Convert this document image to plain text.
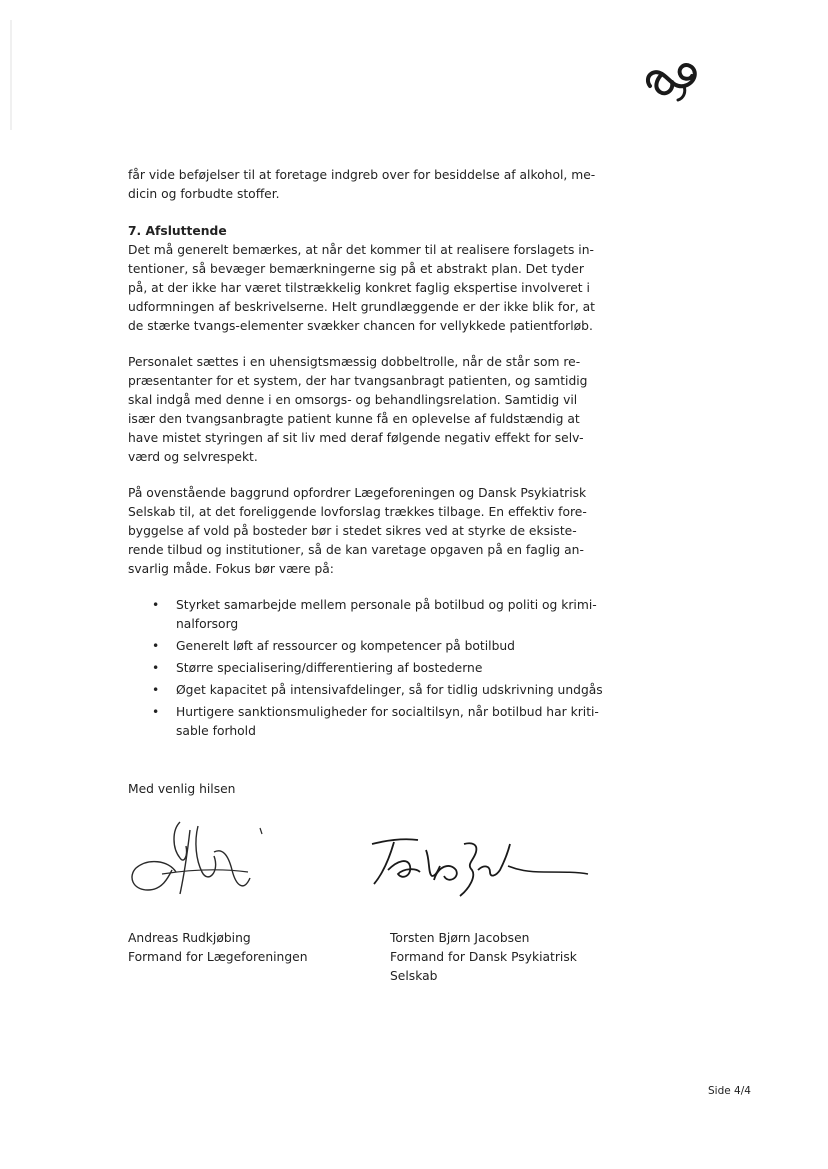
får vide beføjelser til at foretage indgreb over for besiddelse af alkohol, me-

dicin og forbudte stoffer.

7. Afsluttende

Det må generelt bemærkes, at når det kommer til at realisere forslagets in-

tentioner, så bevæger bemærkningerne sig på et abstrakt plan. Det tyder

på, at der ikke har været tilstrækkelig konkret faglig ekspertise involveret i

udformningen af beskrivelserne. Helt grundlæggende er der ikke blik for, at

de stærke tvangs-elementer svækker chancen for vellykkede patientforløb.

Personalet sættes i en uhensigtsmæssig dobbeltrolle, når de står som re-

præsentanter for et system, der har tvangsanbragt patienten, og samtidig

skal indgå med denne i en omsorgs- og behandlingsrelation. Samtidig vil

især den tvangsanbragte patient kunne få en oplevelse af fuldstændig at

have mistet styringen af sit liv med deraf følgende negativ effekt for selv-

værd og selvrespekt.

På ovenstående baggrund opfordrer Lægeforeningen og Dansk Psykiatrisk

Selskab til, at det foreliggende lovforslag trækkes tilbage. En effektiv fore-

byggelse af vold på bosteder bør i stedet sikres ved at styrke de eksiste-

rende tilbud og institutioner, så de kan varetage opgaven på en faglig an-

svarlig måde. Fokus bør være på:

• Styrket samarbejde mellem personale på botilbud og politi og krimi-
nalforsorg
• Generelt løft af ressourcer og kompetencer på botilbud
• Større specialisering/differentiering af bostederne
• Øget kapacitet på intensivafdelinger, så for tidlig udskrivning undgås
• Hurtigere sanktionsmuligheder for socialtilsyn, når botilbud har kriti-
sable forhold

Med venlig hilsen

Andreas Rudkjøbing
Formand for Lægeforeningen
Torsten Bjørn Jacobsen
Formand for Dansk Psykiatrisk
Selskab
Side 4/4
